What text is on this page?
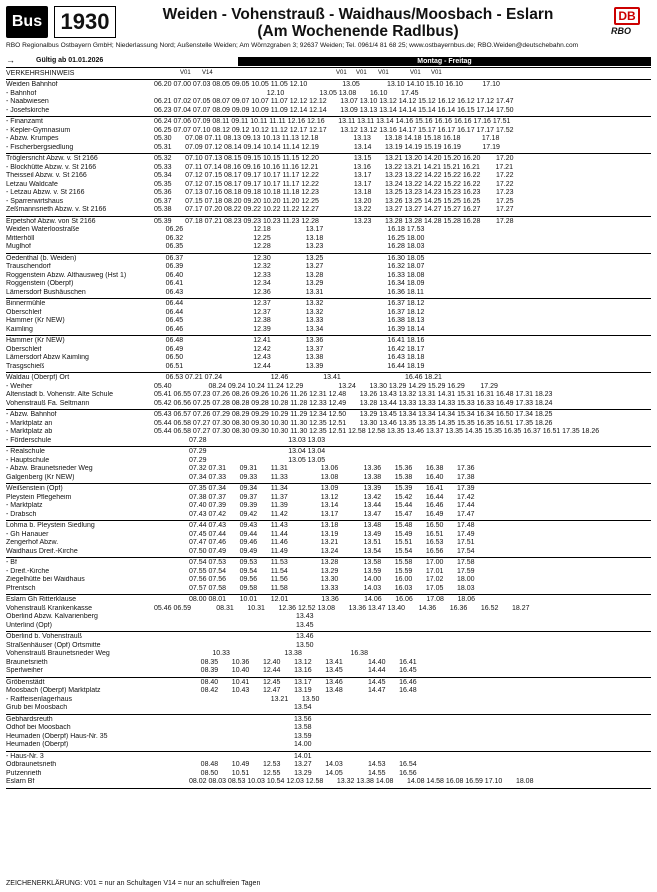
Bus 1930	Weiden - Vohenstrauß - Waidhaus/Moosbach - Eslarn
(Am Wochenende Radlbus)
DB
RBO
RBO Regionalbus Ostbayern GmbH; Niederlassung Nord; Außenstelle Weiden; Am Wörnzgraben 3; 92637 Weiden; Tel. 0961/4 81 68 25; www.ostbayernbus.de; RBO.Weiden@deutschebahn.com
→	Gültig ab 01.01.2026	Montag - Freitag
VERKEHRSHINWEIS	V01 V14	V01 V01 V01	V01 V01
Weiden Bahnhof	06.20 07.00 07.03 08.05 09.05 10.05 11.05 12.10                  13.05              13.10 14.10 15.10 16.10          17.10
- Bahnhof	12.10                  13.05 13.08       16.10       17.45
- Naabwiesen	06.21 07.02 07.05 08.07 09.07 10.07 11.07 12.12 12.12       13.07 13.10 13.12 14.12 15.12 16.12 16.12 17.12 17.47
- Josefskirche	06.23 07.04 07.07 08.09 09.09 10.09 11.09 12.14 12.14       13.09 13.13 13.14 14.14 15.14 16.14 16.15 17.14 17.50
- Finanzamt	06.24 07.06 07.09 08.11 09.11 10.11 11.11 12.16 12.16       13.11 13.11 13.14 14.16 15.16 16.16 16.16 17.16 17.51
- Kepler-Gymnasium	06.25 07.07 07.10 08.12 09.12 10.12 11.12 12.17 12.17       13.12 13.12 13.16 14.17 15.17 16.17 16.17 17.17 17.52
- Abzw. Krumpes	05.30       07.08 07.11 08.13 09.13 10.13 11.13 12.18                  13.13       13.18 14.18 15.18 16.18           17.18
- Fischerbergsiedlung	05.31       07.09 07.12 08.14 09.14 10.14 11.14 12.19                  13.14       13.19 14.19 15.19 16.19           17.19
Tröglersricht Abzw. v. St 2166	05.32       07.10 07.13 08.15 09.15 10.15 11.15 12.20                  13.15       13.21 13.20 14.20 15.20 16.20        17.20
- Blockhütte Abzw. v. St 2166	05.33       07.11 07.14 08.16 09.16 10.16 11.16 12.21                  13.16       13.22 13.21 14.21 15.21 16.21        17.21
Theisseil Abzw. v. St 2166	05.34       07.12 07.15 08.17 09.17 10.17 11.17 12.22                  13.17       13.23 13.22 14.22 15.22 16.22        17.22
Letzau Waldcafe	05.35       07.12 07.15 08.17 09.17 10.17 11.17 12.22                  13.17       13.24 13.22 14.22 15.22 16.22        17.22
- Letzau Abzw. v. St 2166	05.36       07.13 07.16 08.18 09.18 10.18 11.18 12.23                  13.18       13.25 13.23 14.23 15.23 16.23        17.23
- Sparrerwirtshaus	05.37       07.15 07.18 08.20 09.20 10.20 11.20 12.25                  13.20       13.26 13.25 14.25 15.25 16.25        17.25
Zeßmannsrieth Abzw. v. St 2166	05.38       07.17 07.20 08.22 09.22 10.22 11.22 12.27                  13.22       13.27 13.27 14.27 15.27 16.27        17.27
Erpetshof Abzw. von St 2166	05.39       07.18 07.21 08.23 09.23 10.23 11.23 12.28                  13.23       13.28 13.28 14.28 15.28 16.28        17.28
Weiden Waterloostraße	06.26                                    12.18                  13.17                                 16.18 17.53
Mitterhöll	06.32                                    12.25                  13.18                                 16.25 18.00
Muglhof	06.35                                    12.28                  13.23                                 16.28 18.03
Oedenthal (b. Weiden)	06.37                                    12.30                  13.25                                 16.30 18.05
Trauschendorf	06.39                                    12.32                  13.27                                 16.32 18.07
Roggenstein Abzw. Althausweg (Hst 1)	06.40                                    12.33                  13.28                                 16.33 18.08
Roggenstein (Oberpf)	06.41                                    12.34                  13.29                                 16.34 18.09
Lämersdorf Bushäuschen	06.43                                    12.36                  13.31                                 16.36 18.11
Binnermühle	06.44                                    12.37                  13.32                                 16.37 18.12
Oberschleif	06.44                                    12.37                  13.32                                 16.37 18.12
Hammer (Kr NEW)	06.45                                    12.38                  13.33                                 16.38 18.13
Kaimling	06.46                                    12.39                  13.34                                 16.39 18.14
Hammer (Kr NEW)	06.48                                    12.41                  13.36                                 16.41 18.16
Oberschleif	06.49                                    12.42                  13.37                                 16.42 18.17
Lämersdorf Abzw Kaimling	06.50                                    12.43                  13.38                                 16.43 18.18
Trasgschieß	06.51                                    12.44                  13.39                                 16.44 18.19
Waldau (Oberpf) Ort	06.53 07.21 07.24                         12.46                  13.41                                 16.46 18.21
- Weiher	05.40                   08.24 09.24 10.24 11.24 12.29                  13.24       13.30 13.29 14.29 15.29 16.29        17.29
Altenstadt b. Vohenstr. Alte Schule	05.41 06.55 07.23 07.26 08.26 09.26 10.26 11.26 12.31 12.48       13.26 13.43 13.32 13.31 14.31 15.31 16.31 16.48 17.31 18.23
Vohenstrauß Fa. Seltmann	05.42 06.56 07.25 07.28 08.28 09.28 10.28 11.28 12.33 12.49       13.28 13.44 13.33 13.33 14.33 15.33 16.33 16.49 17.33 18.24
- Abzw. Bahnhof	05.43 06.57 07.26 07.29 08.29 09.29 10.29 11.29 12.34 12.50       13.29 13.45 13.34 13.34 14.34 15.34 16.34 16.50 17.34 18.25
- Marktplatz an	05.44 06.58 07.27 07.30 08.30 09.30 10.30 11.30 12.35 12.51       13.30 13.46 13.35 13.35 14.35 15.35 16.35 16.51 17.35 18.26
- Marktplatz ab	05.44 06.58 07.27 07.30 08.30 09.30 10.30 11.30 12.35 12.51 12.58 12.58 13.35 13.46 13.37 13.35 14.35 15.35 16.35 16.37 16.51 17.35 18.26
- Förderschule	07.28                                          13.03 13.03
- Realschule	07.29                                          13.04 13.04
- Hauptschule	07.29                                          13.05 13.05
- Abzw. Braunetsrieder Weg	07.32 07.31       09.31       11.31                 13.06             13.36       15.36       16.38       17.36
Galgenberg (Kr NEW)	07.34 07.33       09.33       11.33                 13.08             13.38       15.38       16.40       17.38
Weißenstein (Opf)	07.35 07.34       09.34       11.34                 13.09             13.39       15.39       16.41       17.39
Pleystein Pflegeheim	07.38 07.37       09.37       11.37                 13.12             13.42       15.42       16.44       17.42
- Marktplatz	07.40 07.39       09.39       11.39                 13.14             13.44       15.44       16.46       17.44
- Drabsch	07.43 07.42       09.42       11.42                 13.17             13.47       15.47       16.49       17.47
Lohma b. Pleystein Siedlung	07.44 07.43       09.43       11.43                 13.18             13.48       15.48       16.50       17.48
- Gh Hanauer	07.45 07.44       09.44       11.44                 13.19             13.49       15.49       16.51       17.49
Zengerhof Abzw.	07.47 07.46       09.46       11.46                 13.21             13.51       15.51       16.53       17.51
Waidhaus Dreif.-Kirche	07.50 07.49       09.49       11.49                 13.24             13.54       15.54       16.56       17.54
- Bf	07.54 07.53       09.53       11.53                 13.28             13.58       15.58       17.00       17.58
- Dreif.-Kirche	07.55 07.54       09.54       11.54                 13.29             13.59       15.59       17.01       17.59
Ziegelhütte bei Waidhaus	07.56 07.56       09.56       11.56                 13.30             14.00       16.00       17.02       18.00
Pfrentsch	07.57 07.58       09.58       11.58                 13.33             14.03       16.03       17.05       18.03
Eslarn Gh Ritterklause	08.00 08.01       10.01       12.01                 13.36             14.06       16.06       17.08       18.06
Vohenstrauß Krankenkasse	05.46 06.59             08.31       10.31       12.36 12.52 13.08       13.36 13.47 13.40       14.36       16.36       16.52       18.27
Oberlind Abzw. Kalvarienberg	13.43
Unterlind (Opf)	13.45
Oberlind b. Vohenstrauß	13.46
Straßenhäuser (Opf) Ortsmitte	13.50
Vohenstrauß Braunetsrieder Weg	10.33                            13.38                         16.38
Braunetsrieth	08.35       10.36       12.40       13.12       13.41             14.40       16.41
Sperlweiher	08.39       10.40       12.44       13.16       13.45             14.44       16.45
Gröbenstädt	08.40       10.41       12.45       13.17       13.46             14.45       16.46
Moosbach (Oberpf) Marktplatz	08.42       10.43       12.47       13.19       13.48             14.47       16.48
- Raiffeisenlagerhaus	13.21       13.50
Grub bei Moosbach	13.54
Gebhardsreuth	13.56
Odhof bei Moosbach	13.58
Heumaden (Oberpf) Haus-Nr. 35	13.59
Heumaden (Oberpf)	14.00
- Haus-Nr. 3	14.01
Ödbraunetsrieth	08.48       10.49       12.53       13.27       14.03             14.53       16.54
Putzenrieth	08.50       10.51       12.55       13.29       14.05             14.55       16.56
Eslarn Bf	08.02 08.03 08.53 10.03 10.54 12.03 12.58       13.32 13.38 14.08       14.08 14.58 16.08 16.59 17.10       18.08
ZEICHENERKLÄRUNG: V01 = nur an Schultagen V14 = nur an schulfreien Tagen
